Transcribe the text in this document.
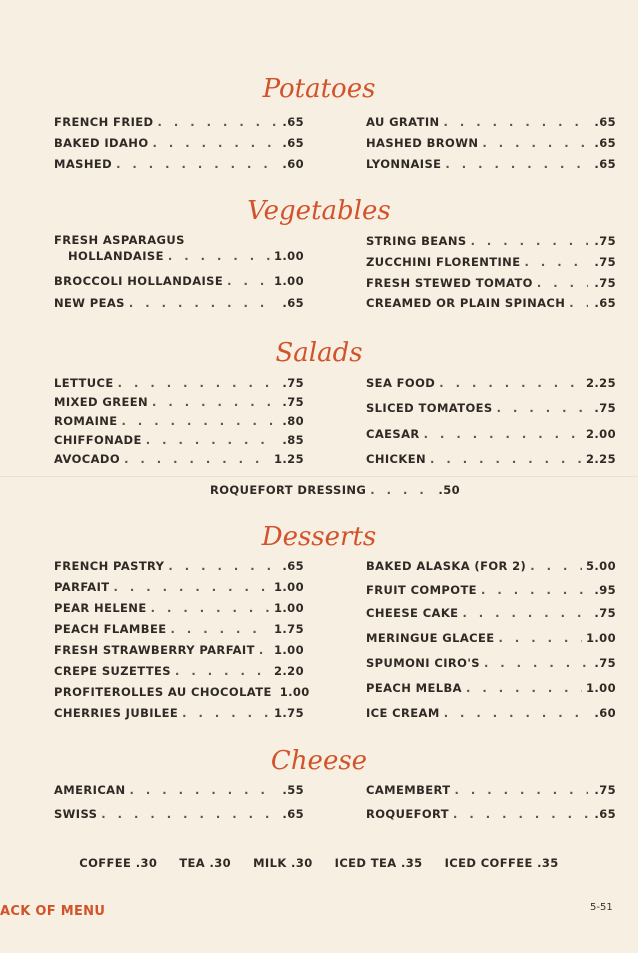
Potatoes
FRENCH FRIED . . .	.65
BAKED IDAHO . . .	.65
MASHED . . .	.60
AU GRATIN . . .	.65
HASHED BROWN . . .	.65
LYONNAISE . . .	.65
Vegetables
FRESH ASPARAGUS
HOLLANDAISE . . .	1.00
BROCCOLI HOLLANDAISE . . .	1.00
NEW PEAS . . .	.65
STRING BEANS . . .	.75
ZUCCHINI FLORENTINE . . .	.75
FRESH STEWED TOMATO . . .	.75
CREAMED OR PLAIN SPINACH . . .	.65
Salads
LETTUCE . . .	.75
MIXED GREEN . . .	.75
ROMAINE . . .	.80
CHIFFONADE . . .	.85
AVOCADO . . .	1.25
SEA FOOD . . .	2.25
SLICED TOMATOES . . .	.75
CAESAR . . .	2.00
CHICKEN . . .	2.25
ROQUEFORT DRESSING . . .	.50
Desserts
FRENCH PASTRY . . .	.65
PARFAIT . . .	1.00
PEAR HELENE . . .	1.00
PEACH FLAMBEE . . .	1.75
FRESH STRAWBERRY PARFAIT . . . 1.00
CREPE SUZETTES . . .	2.20
PROFITEROLLES AU CHOCOLATE 1.00
CHERRIES JUBILEE . . .	1.75
BAKED ALASKA (FOR 2) . . .	5.00
FRUIT COMPOTE . . .	.95
CHEESE CAKE . . .	.75
MERINGUE GLACEE . . .	1.00
SPUMONI CIRO'S . . .	.75
PEACH MELBA . . .	1.00
ICE CREAM . . .	.60
Cheese
AMERICAN . . .	.55
SWISS . . .	.65
CAMEMBERT . . .	.75
ROQUEFORT . . .	.65
COFFEE .30     TEA .30     MILK .30     ICED TEA .35     ICED COFFEE .35
ACK OF MENU	5-51
